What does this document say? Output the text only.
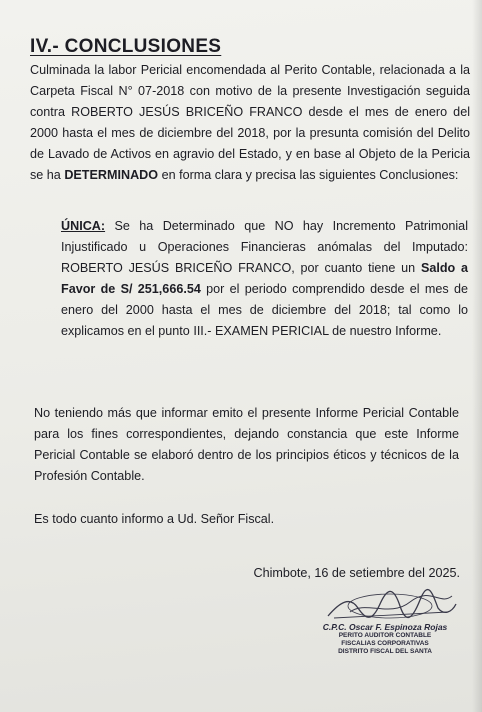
IV.- CONCLUSIONES

Culminada la labor Pericial encomendada al Perito Contable, relacionada a la Carpeta Fiscal N° 07-2018 con motivo de la presente Investigación seguida contra ROBERTO JESÚS BRICEÑO FRANCO desde el mes de enero del 2000 hasta el mes de diciembre del 2018, por la presunta comisión del Delito de Lavado de Activos en agravio del Estado, y en base al Objeto de la Pericia se ha DETERMINADO en forma clara y precisa las siguientes Conclusiones:

ÚNICA: Se ha Determinado que NO hay Incremento Patrimonial Injustificado u Operaciones Financieras anómalas del Imputado: ROBERTO JESÚS BRICEÑO FRANCO, por cuanto tiene un Saldo a Favor de S/ 251,666.54 por el periodo comprendido desde el mes de enero del 2000 hasta el mes de diciembre del 2018; tal como lo explicamos en el punto III.- EXAMEN PERICIAL de nuestro Informe.

No teniendo más que informar emito el presente Informe Pericial Contable para los fines correspondientes, dejando constancia que este Informe Pericial Contable se elaboró dentro de los principios éticos y técnicos de la Profesión Contable.

Es todo cuanto informo a Ud. Señor Fiscal.

Chimbote, 16 de setiembre del 2025.

C.P.C. Oscar F. Espinoza Rojas
PERITO AUDITOR CONTABLE
FISCALIAS CORPORATIVAS
DISTRITO FISCAL DEL SANTA
